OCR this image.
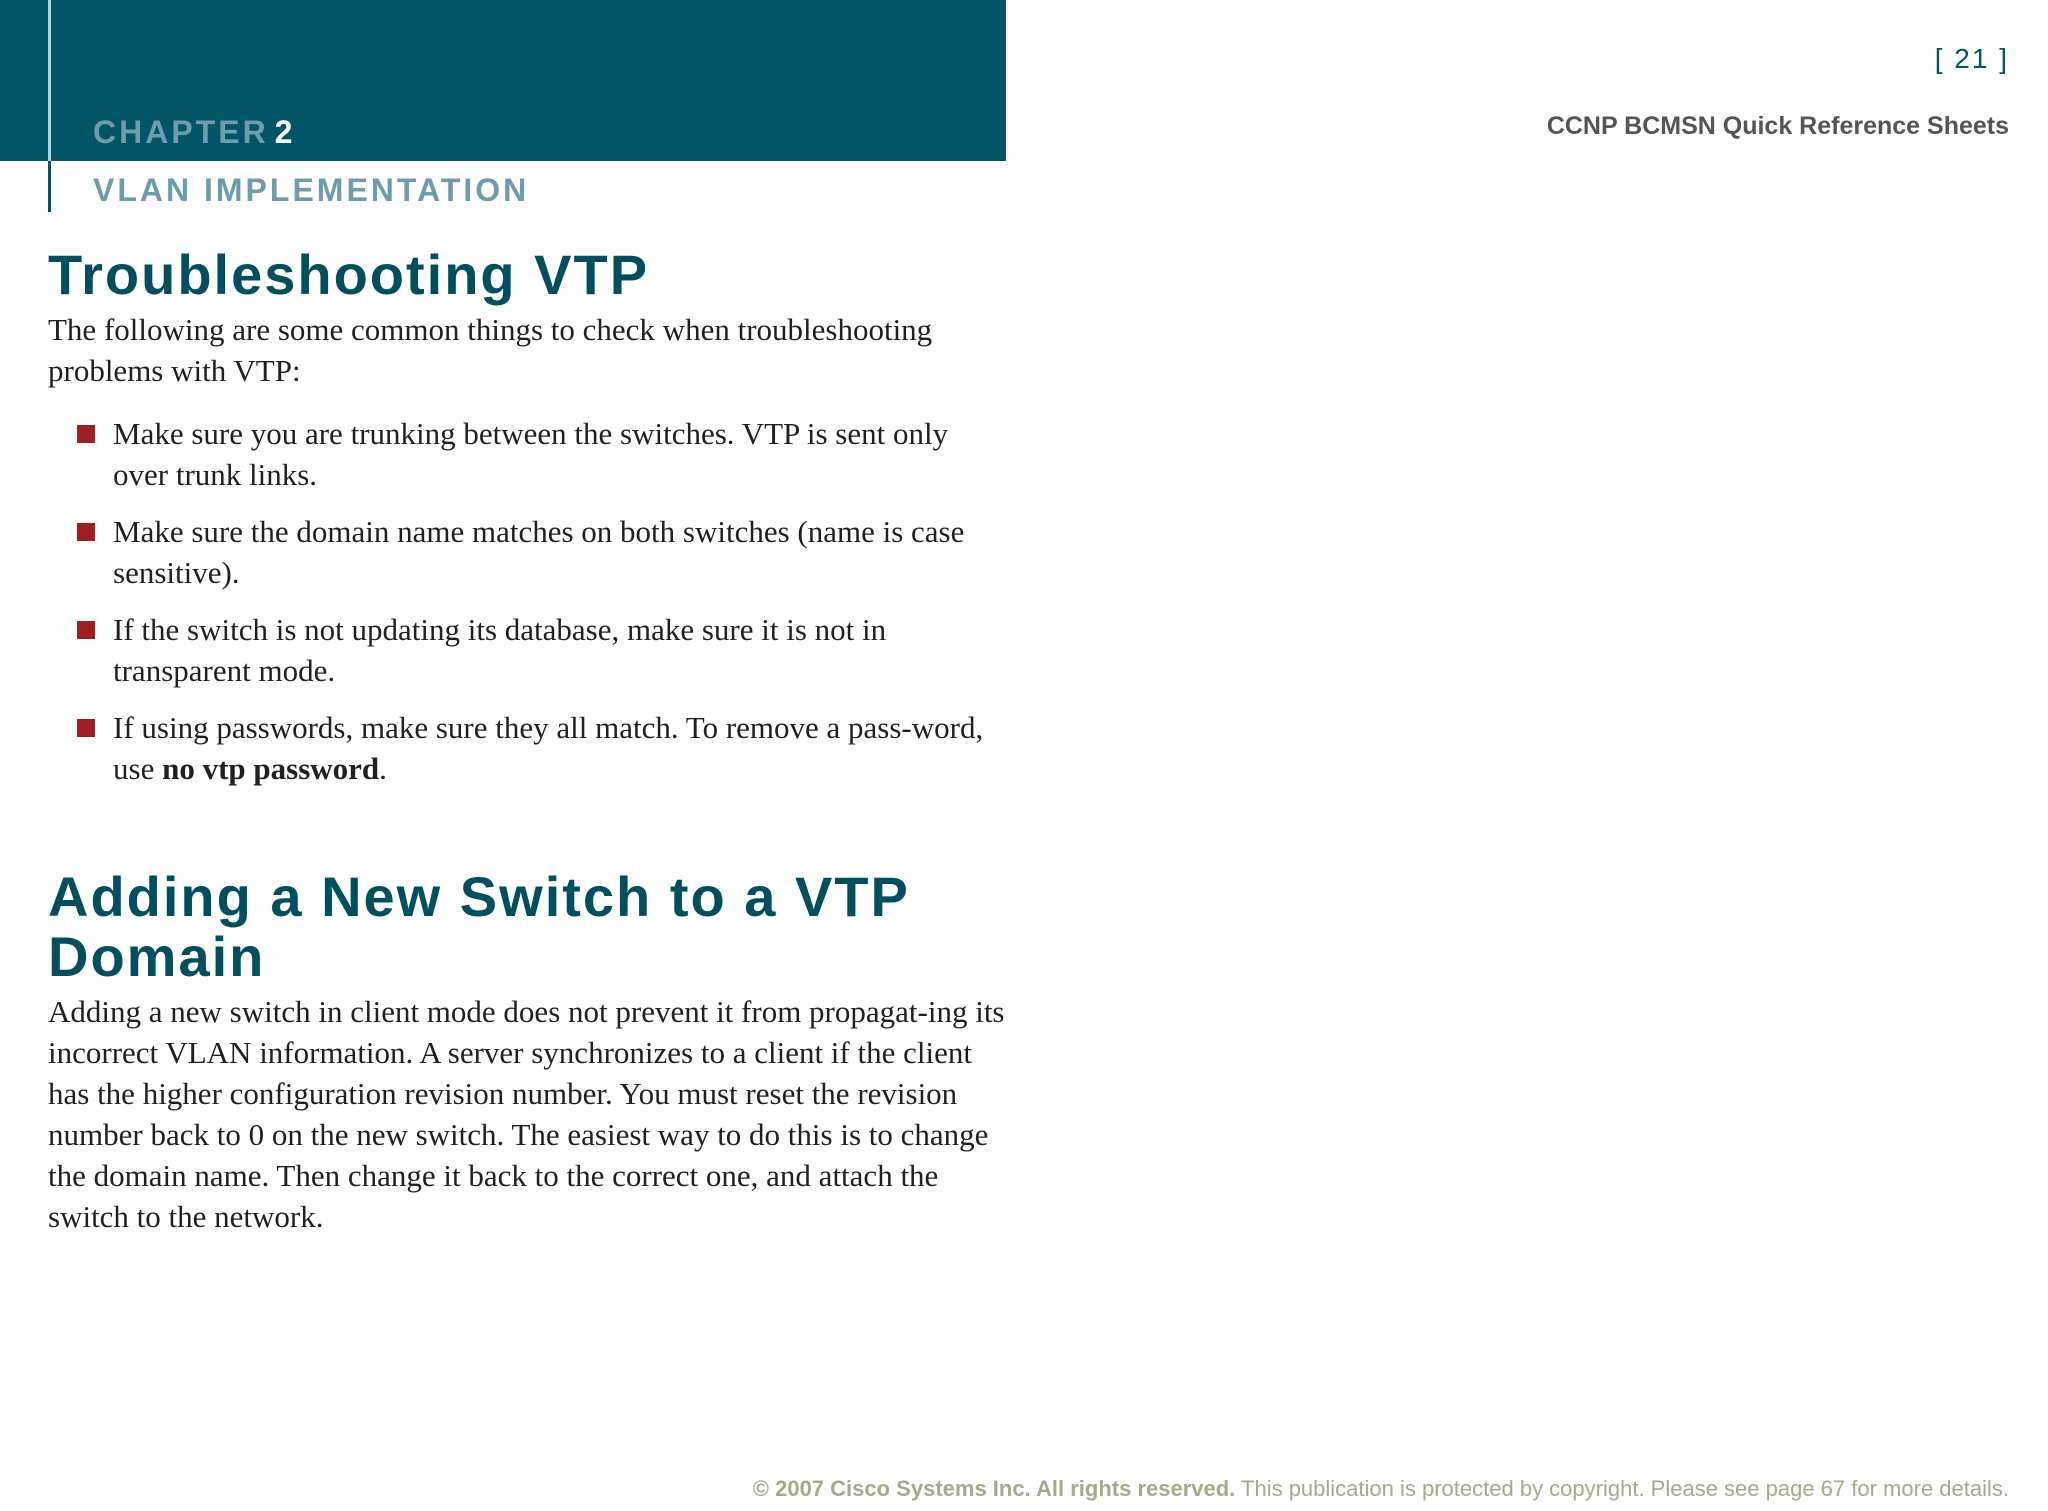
CHAPTER 2
VLAN IMPLEMENTATION
[ 21 ]
CCNP BCMSN Quick Reference Sheets
Troubleshooting VTP

The following are some common things to check when troubleshooting problems with VTP:

Make sure you are trunking between the switches. VTP is sent only over trunk links.
Make sure the domain name matches on both switches (name is case sensitive).
If the switch is not updating its database, make sure it is not in transparent mode.
If using passwords, make sure they all match. To remove a pass-word, use no vtp password.
Adding a New Switch to a VTP Domain

Adding a new switch in client mode does not prevent it from propagat-ing its incorrect VLAN information. A server synchronizes to a client if the client has the higher configuration revision number. You must reset the revision number back to 0 on the new switch. The easiest way to do this is to change the domain name. Then change it back to the correct one, and attach the switch to the network.

© 2007 Cisco Systems Inc. All rights reserved. This publication is protected by copyright. Please see page 67 for more details.
